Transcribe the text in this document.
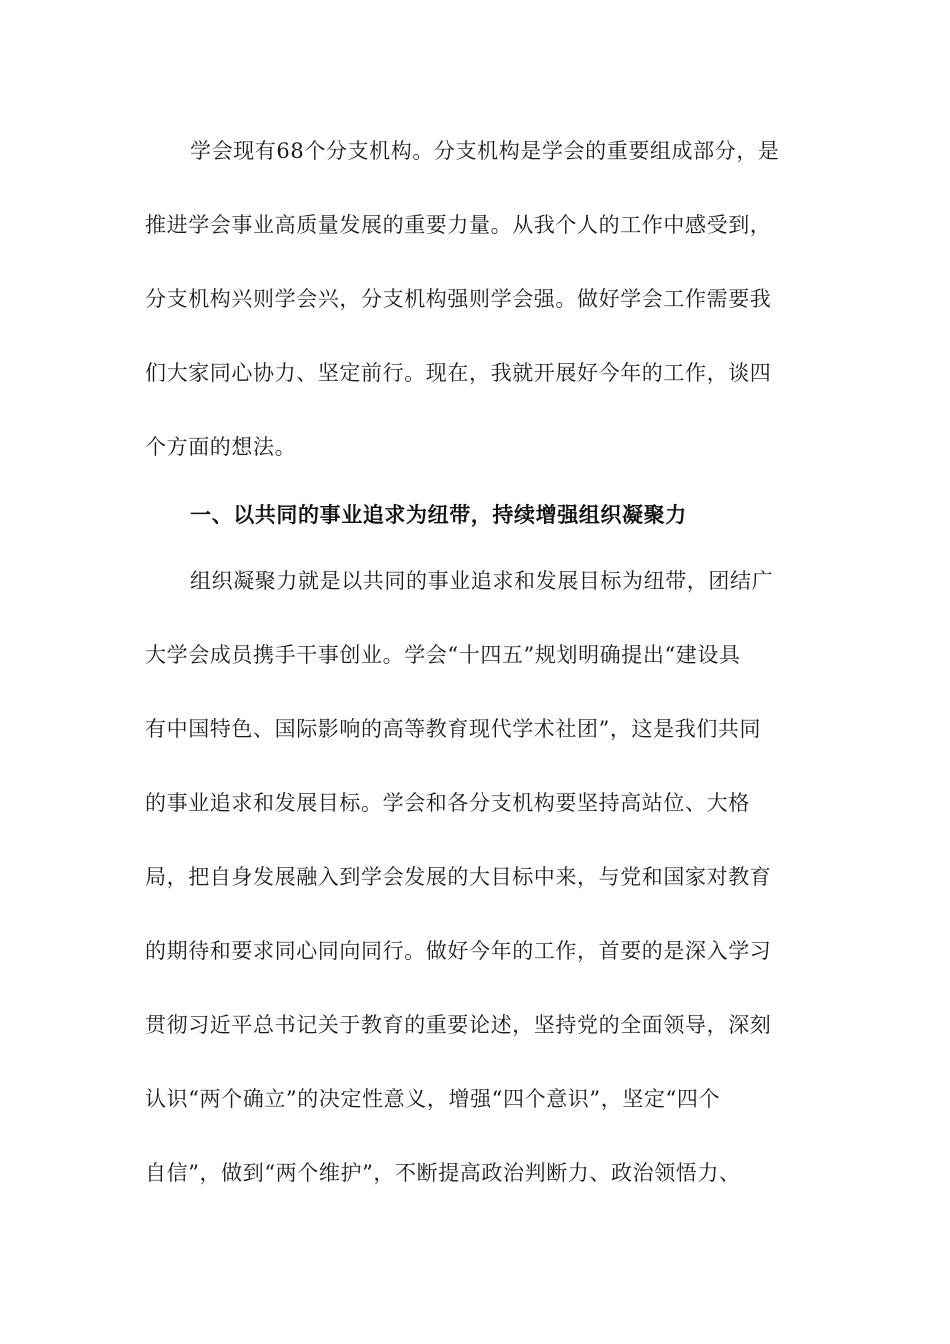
学会现有68个分支机构。分支机构是学会的重要组成部分，是
推进学会事业高质量发展的重要力量。从我个人的工作中感受到，
分支机构兴则学会兴，分支机构强则学会强。做好学会工作需要我
们大家同心协力、坚定前行。现在，我就开展好今年的工作，谈四
个方面的想法。
一、以共同的事业追求为纽带，持续增强组织凝聚力
组织凝聚力就是以共同的事业追求和发展目标为纽带，团结广
大学会成员携手干事创业。学会“十四五”规划明确提出“建设具
有中国特色、国际影响的高等教育现代学术社团”，这是我们共同
的事业追求和发展目标。学会和各分支机构要坚持高站位、大格
局，把自身发展融入到学会发展的大目标中来，与党和国家对教育
的期待和要求同心同向同行。做好今年的工作，首要的是深入学习
贯彻习近平总书记关于教育的重要论述，坚持党的全面领导，深刻
认识“两个确立”的决定性意义，增强“四个意识”，坚定“四个
自信”，做到“两个维护”，不断提高政治判断力、政治领悟力、
